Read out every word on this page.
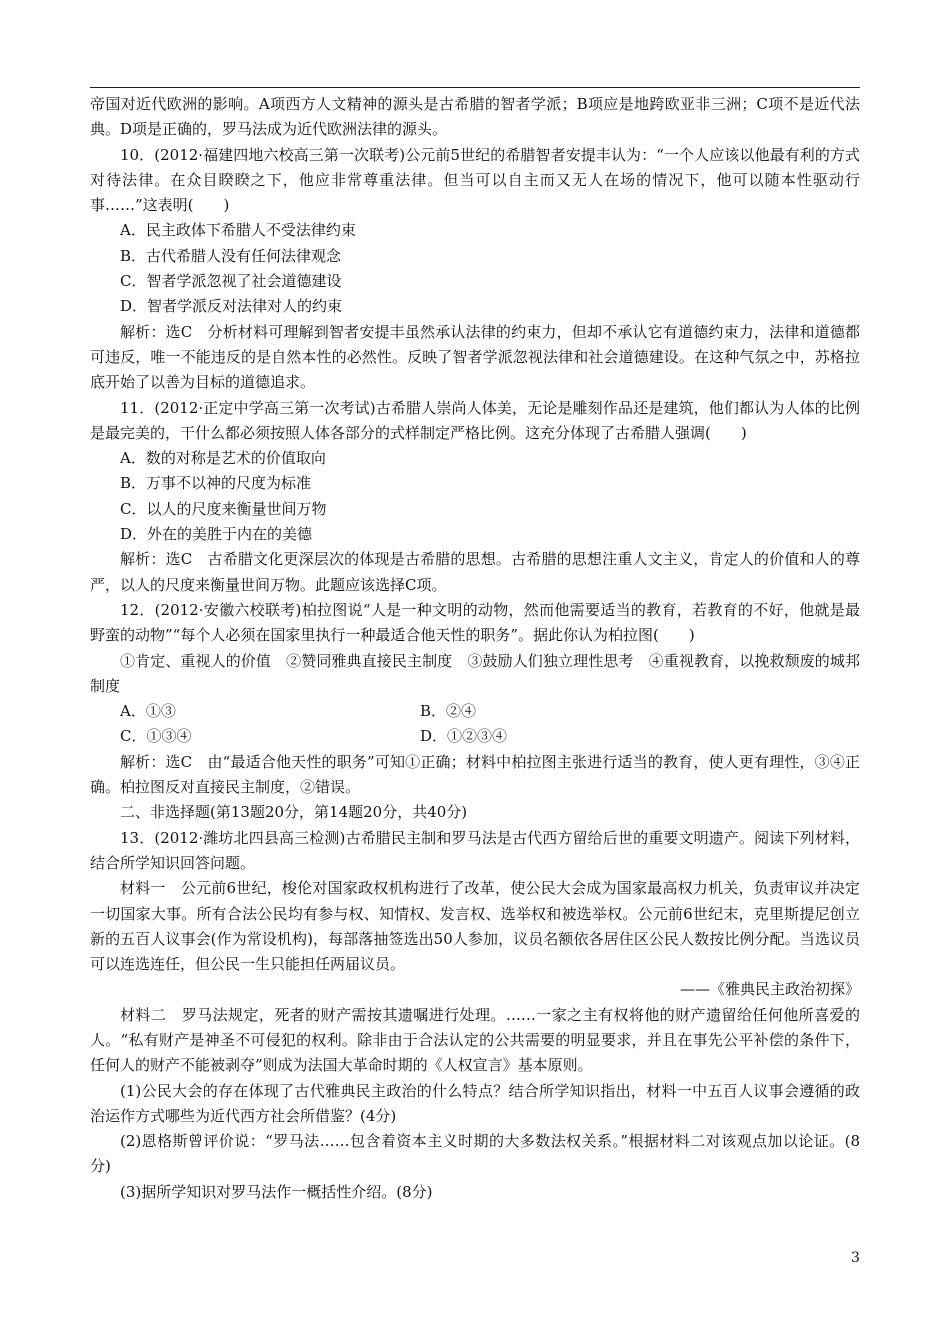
帝国对近代欧洲的影响。A项西方人文精神的源头是古希腊的智者学派；B项应是地跨欧亚非三洲；C项不是近代法典。D项是正确的，罗马法成为近代欧洲法律的源头。

10．(2012·福建四地六校高三第一次联考)公元前5世纪的希腊智者安提丰认为：“一个人应该以他最有利的方式对待法律。在众目睽睽之下，他应非常尊重法律。但当可以自主而又无人在场的情况下，他可以随本性驱动行事……”这表明(　　)

A．民主政体下希腊人不受法律约束

B．古代希腊人没有任何法律观念

C．智者学派忽视了社会道德建设

D．智者学派反对法律对人的约束

解析：选C　分析材料可理解到智者安提丰虽然承认法律的约束力，但却不承认它有道德约束力，法律和道德都可违反，唯一不能违反的是自然本性的必然性。反映了智者学派忽视法律和社会道德建设。在这种气氛之中，苏格拉底开始了以善为目标的道德追求。

11．(2012·正定中学高三第一次考试)古希腊人崇尚人体美，无论是雕刻作品还是建筑，他们都认为人体的比例是最完美的，干什么都必须按照人体各部分的式样制定严格比例。这充分体现了古希腊人强调(　　)

A．数的对称是艺术的价值取向

B．万事不以神的尺度为标准

C．以人的尺度来衡量世间万物

D．外在的美胜于内在的美德

解析：选C　古希腊文化更深层次的体现是古希腊的思想。古希腊的思想注重人文主义，肯定人的价值和人的尊严，以人的尺度来衡量世间万物。此题应该选择C项。

12．(2012·安徽六校联考)柏拉图说“人是一种文明的动物，然而他需要适当的教育，若教育的不好，他就是最野蛮的动物”“每个人必须在国家里执行一种最适合他天性的职务”。据此你认为柏拉图(　　)

①肯定、重视人的价值　②赞同雅典直接民主制度　③鼓励人们独立理性思考　④重视教育，以挽救颓废的城邦制度

A．①③	B．②④
C．①③④	D．①②③④

解析：选C　由“最适合他天性的职务”可知①正确；材料中柏拉图主张进行适当的教育，使人更有理性，③④正确。柏拉图反对直接民主制度，②错误。

二、非选择题(第13题20分，第14题20分，共40分)

13．(2012·潍坊北四县高三检测)古希腊民主制和罗马法是古代西方留给后世的重要文明遗产。阅读下列材料，结合所学知识回答问题。

材料一　公元前6世纪，梭伦对国家政权机构进行了改革，使公民大会成为国家最高权力机关，负责审议并决定一切国家大事。所有合法公民均有参与权、知情权、发言权、选举权和被选举权。公元前6世纪末，克里斯提尼创立新的五百人议事会(作为常设机构)，每部落抽签选出50人参加，议员名额依各居住区公民人数按比例分配。当选议员可以连选连任，但公民一生只能担任两届议员。

——《雅典民主政治初探》

材料二　罗马法规定，死者的财产需按其遗嘱进行处理。……一家之主有权将他的财产遗留给任何他所喜爱的人。“私有财产是神圣不可侵犯的权利。除非由于合法认定的公共需要的明显要求，并且在事先公平补偿的条件下，任何人的财产不能被剥夺”则成为法国大革命时期的《人权宣言》基本原则。

(1)公民大会的存在体现了古代雅典民主政治的什么特点？结合所学知识指出，材料一中五百人议事会遵循的政治运作方式哪些为近代西方社会所借鉴？(4分)

(2)恩格斯曾评价说：“罗马法……包含着资本主义时期的大多数法权关系。”根据材料二对该观点加以论证。(8分)

(3)据所学知识对罗马法作一概括性介绍。(8分)

3
